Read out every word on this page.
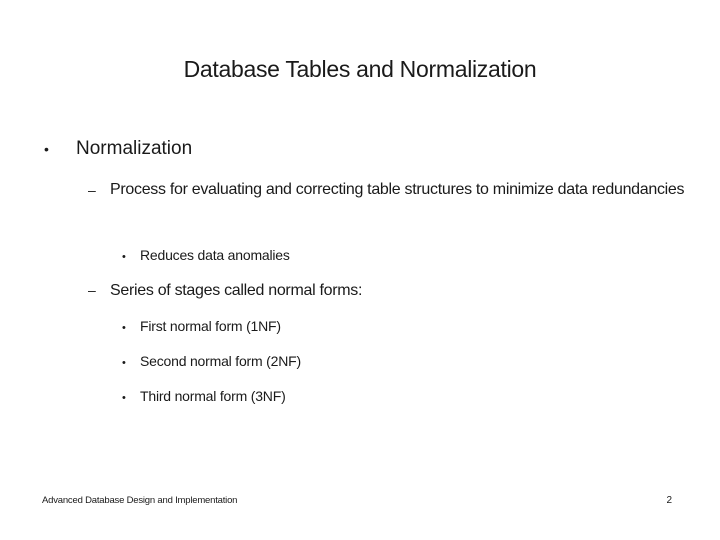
Database Tables and Normalization
•	Normalization
– Process for evaluating and correcting table structures to minimize data redundancies
•	Reduces data anomalies
– Series of stages called normal forms:
•	First normal form (1NF)
•	Second normal form (2NF)
•	Third normal form (3NF)
Advanced Database Design and Implementation	2
